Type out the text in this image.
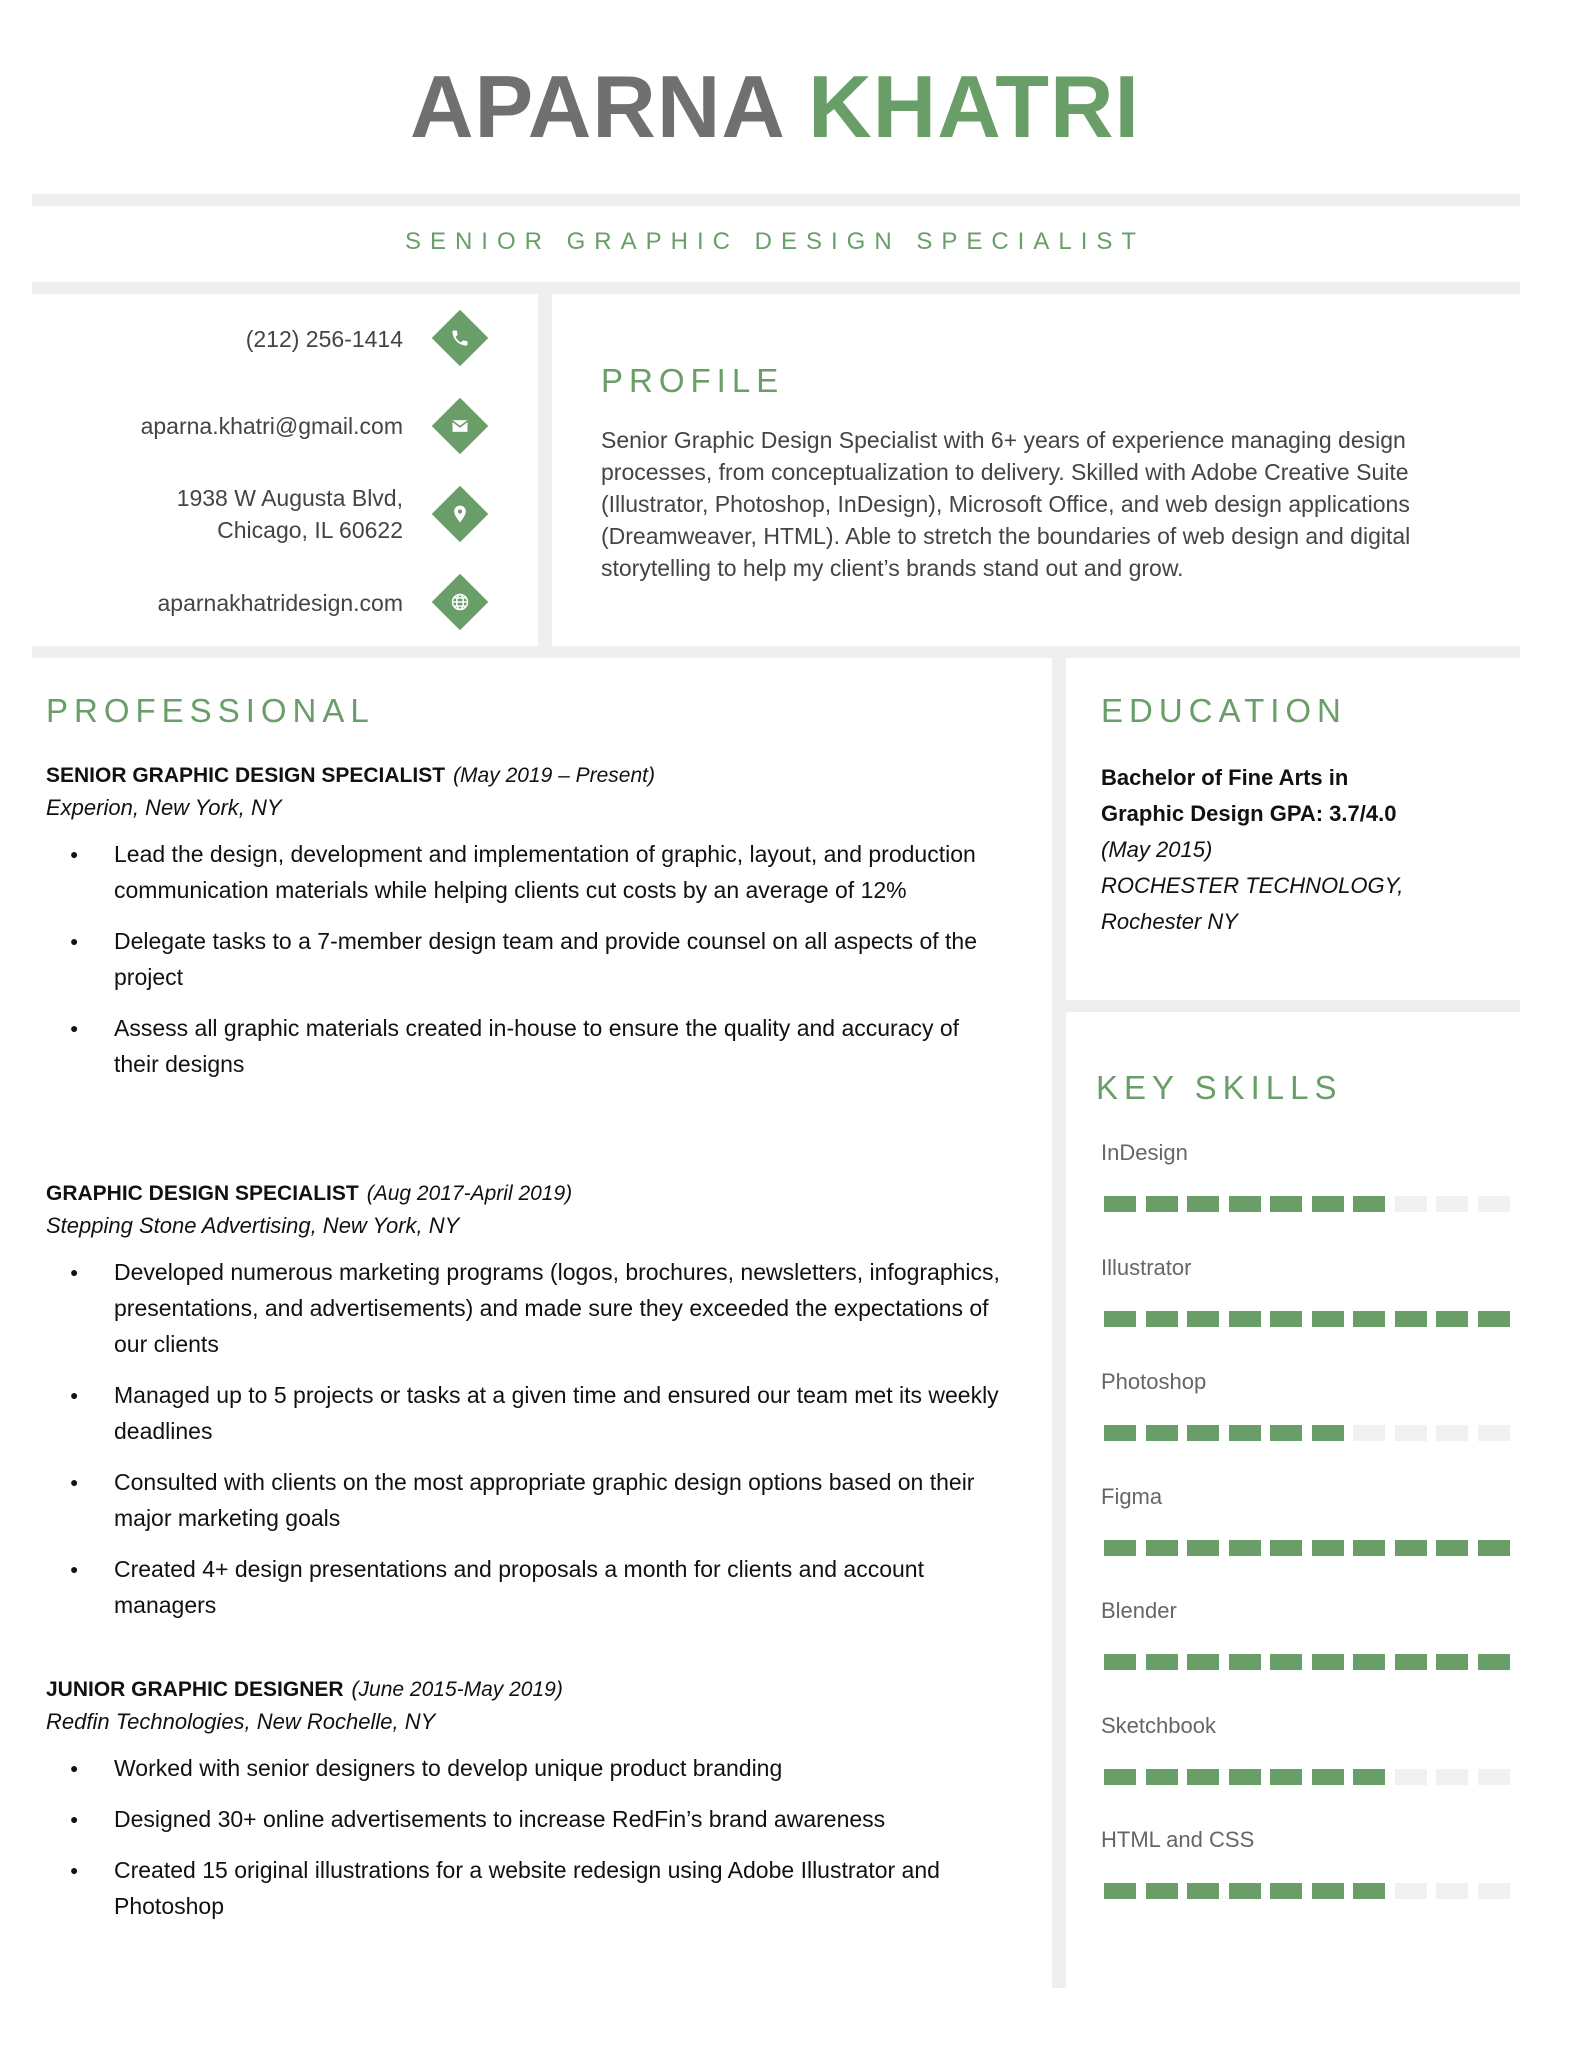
APARNA KHATRI
SENIOR GRAPHIC DESIGN SPECIALIST
(212) 256-1414
aparna.khatri@gmail.com
1938 W Augusta Blvd,
Chicago, IL 60622
aparnakhatridesign.com
PROFILE
Senior Graphic Design Specialist with 6+ years of experience managing design processes, from conceptualization to delivery. Skilled with Adobe Creative Suite (Illustrator, Photoshop, InDesign), Microsoft Office, and web design applications (Dreamweaver, HTML). Able to stretch the boundaries of web design and digital storytelling to help my client’s brands stand out and grow.
PROFESSIONAL
SENIOR GRAPHIC DESIGN SPECIALIST (May 2019 – Present)
Experion, New York, NY
● Lead the design, development and implementation of graphic, layout, and production communication materials while helping clients cut costs by an average of 12%
● Delegate tasks to a 7-member design team and provide counsel on all aspects of the project
● Assess all graphic materials created in-house to ensure the quality and accuracy of their designs
GRAPHIC DESIGN SPECIALIST (Aug 2017-April 2019)
Stepping Stone Advertising, New York, NY
● Developed numerous marketing programs (logos, brochures, newsletters, infographics, presentations, and advertisements) and made sure they exceeded the expectations of our clients
● Managed up to 5 projects or tasks at a given time and ensured our team met its weekly deadlines
● Consulted with clients on the most appropriate graphic design options based on their major marketing goals
● Created 4+ design presentations and proposals a month for clients and account managers
JUNIOR GRAPHIC DESIGNER (June 2015-May 2019)
Redfin Technologies, New Rochelle, NY
● Worked with senior designers to develop unique product branding
● Designed 30+ online advertisements to increase RedFin’s brand awareness
● Created 15 original illustrations for a website redesign using Adobe Illustrator and Photoshop
EDUCATION
Bachelor of Fine Arts in
Graphic Design GPA: 3.7/4.0
(May 2015)
ROCHESTER TECHNOLOGY,
Rochester NY
KEY SKILLS
InDesign
Illustrator
Photoshop
Figma
Blender
Sketchbook
HTML and CSS
